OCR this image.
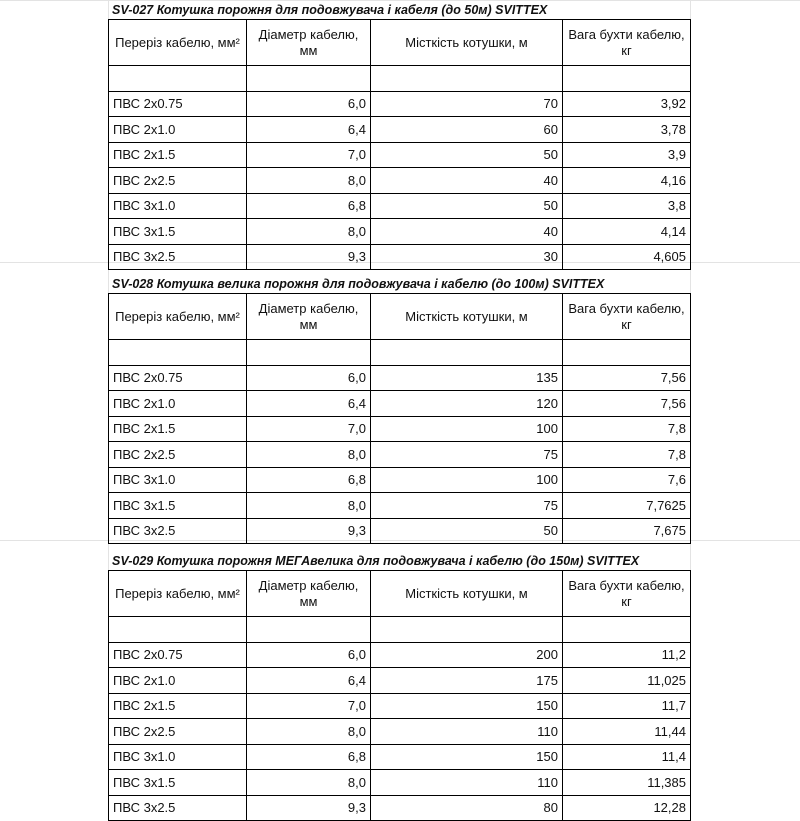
SV-027 Котушка порожня для подовжувача і кабеля (до 50м) SVITTEX
Переріз кабелю, мм²	Діаметр кабелю, мм	Місткість котушки, м	Вага бухти кабелю, кг

ПВС 2х0.75	6,0	70	3,92
ПВС 2х1.0	6,4	60	3,78
ПВС 2х1.5	7,0	50	3,9
ПВС 2х2.5	8,0	40	4,16
ПВС 3х1.0	6,8	50	3,8
ПВС 3х1.5	8,0	40	4,14
ПВС 3х2.5	9,3	30	4,605
SV-028 Котушка велика порожня для подовжувача і кабелю (до 100м) SVITTEX
Переріз кабелю, мм²	Діаметр кабелю, мм	Місткість котушки, м	Вага бухти кабелю, кг

ПВС 2х0.75	6,0	135	7,56
ПВС 2х1.0	6,4	120	7,56
ПВС 2х1.5	7,0	100	7,8
ПВС 2х2.5	8,0	75	7,8
ПВС 3х1.0	6,8	100	7,6
ПВС 3х1.5	8,0	75	7,7625
ПВС 3х2.5	9,3	50	7,675
SV-029 Котушка порожня МЕГАвелика для подовжувача і кабелю (до 150м) SVITTEX
Переріз кабелю, мм²	Діаметр кабелю, мм	Місткість котушки, м	Вага бухти кабелю, кг

ПВС 2х0.75	6,0	200	11,2
ПВС 2х1.0	6,4	175	11,025
ПВС 2х1.5	7,0	150	11,7
ПВС 2х2.5	8,0	110	11,44
ПВС 3х1.0	6,8	150	11,4
ПВС 3х1.5	8,0	110	11,385
ПВС 3х2.5	9,3	80	12,28
